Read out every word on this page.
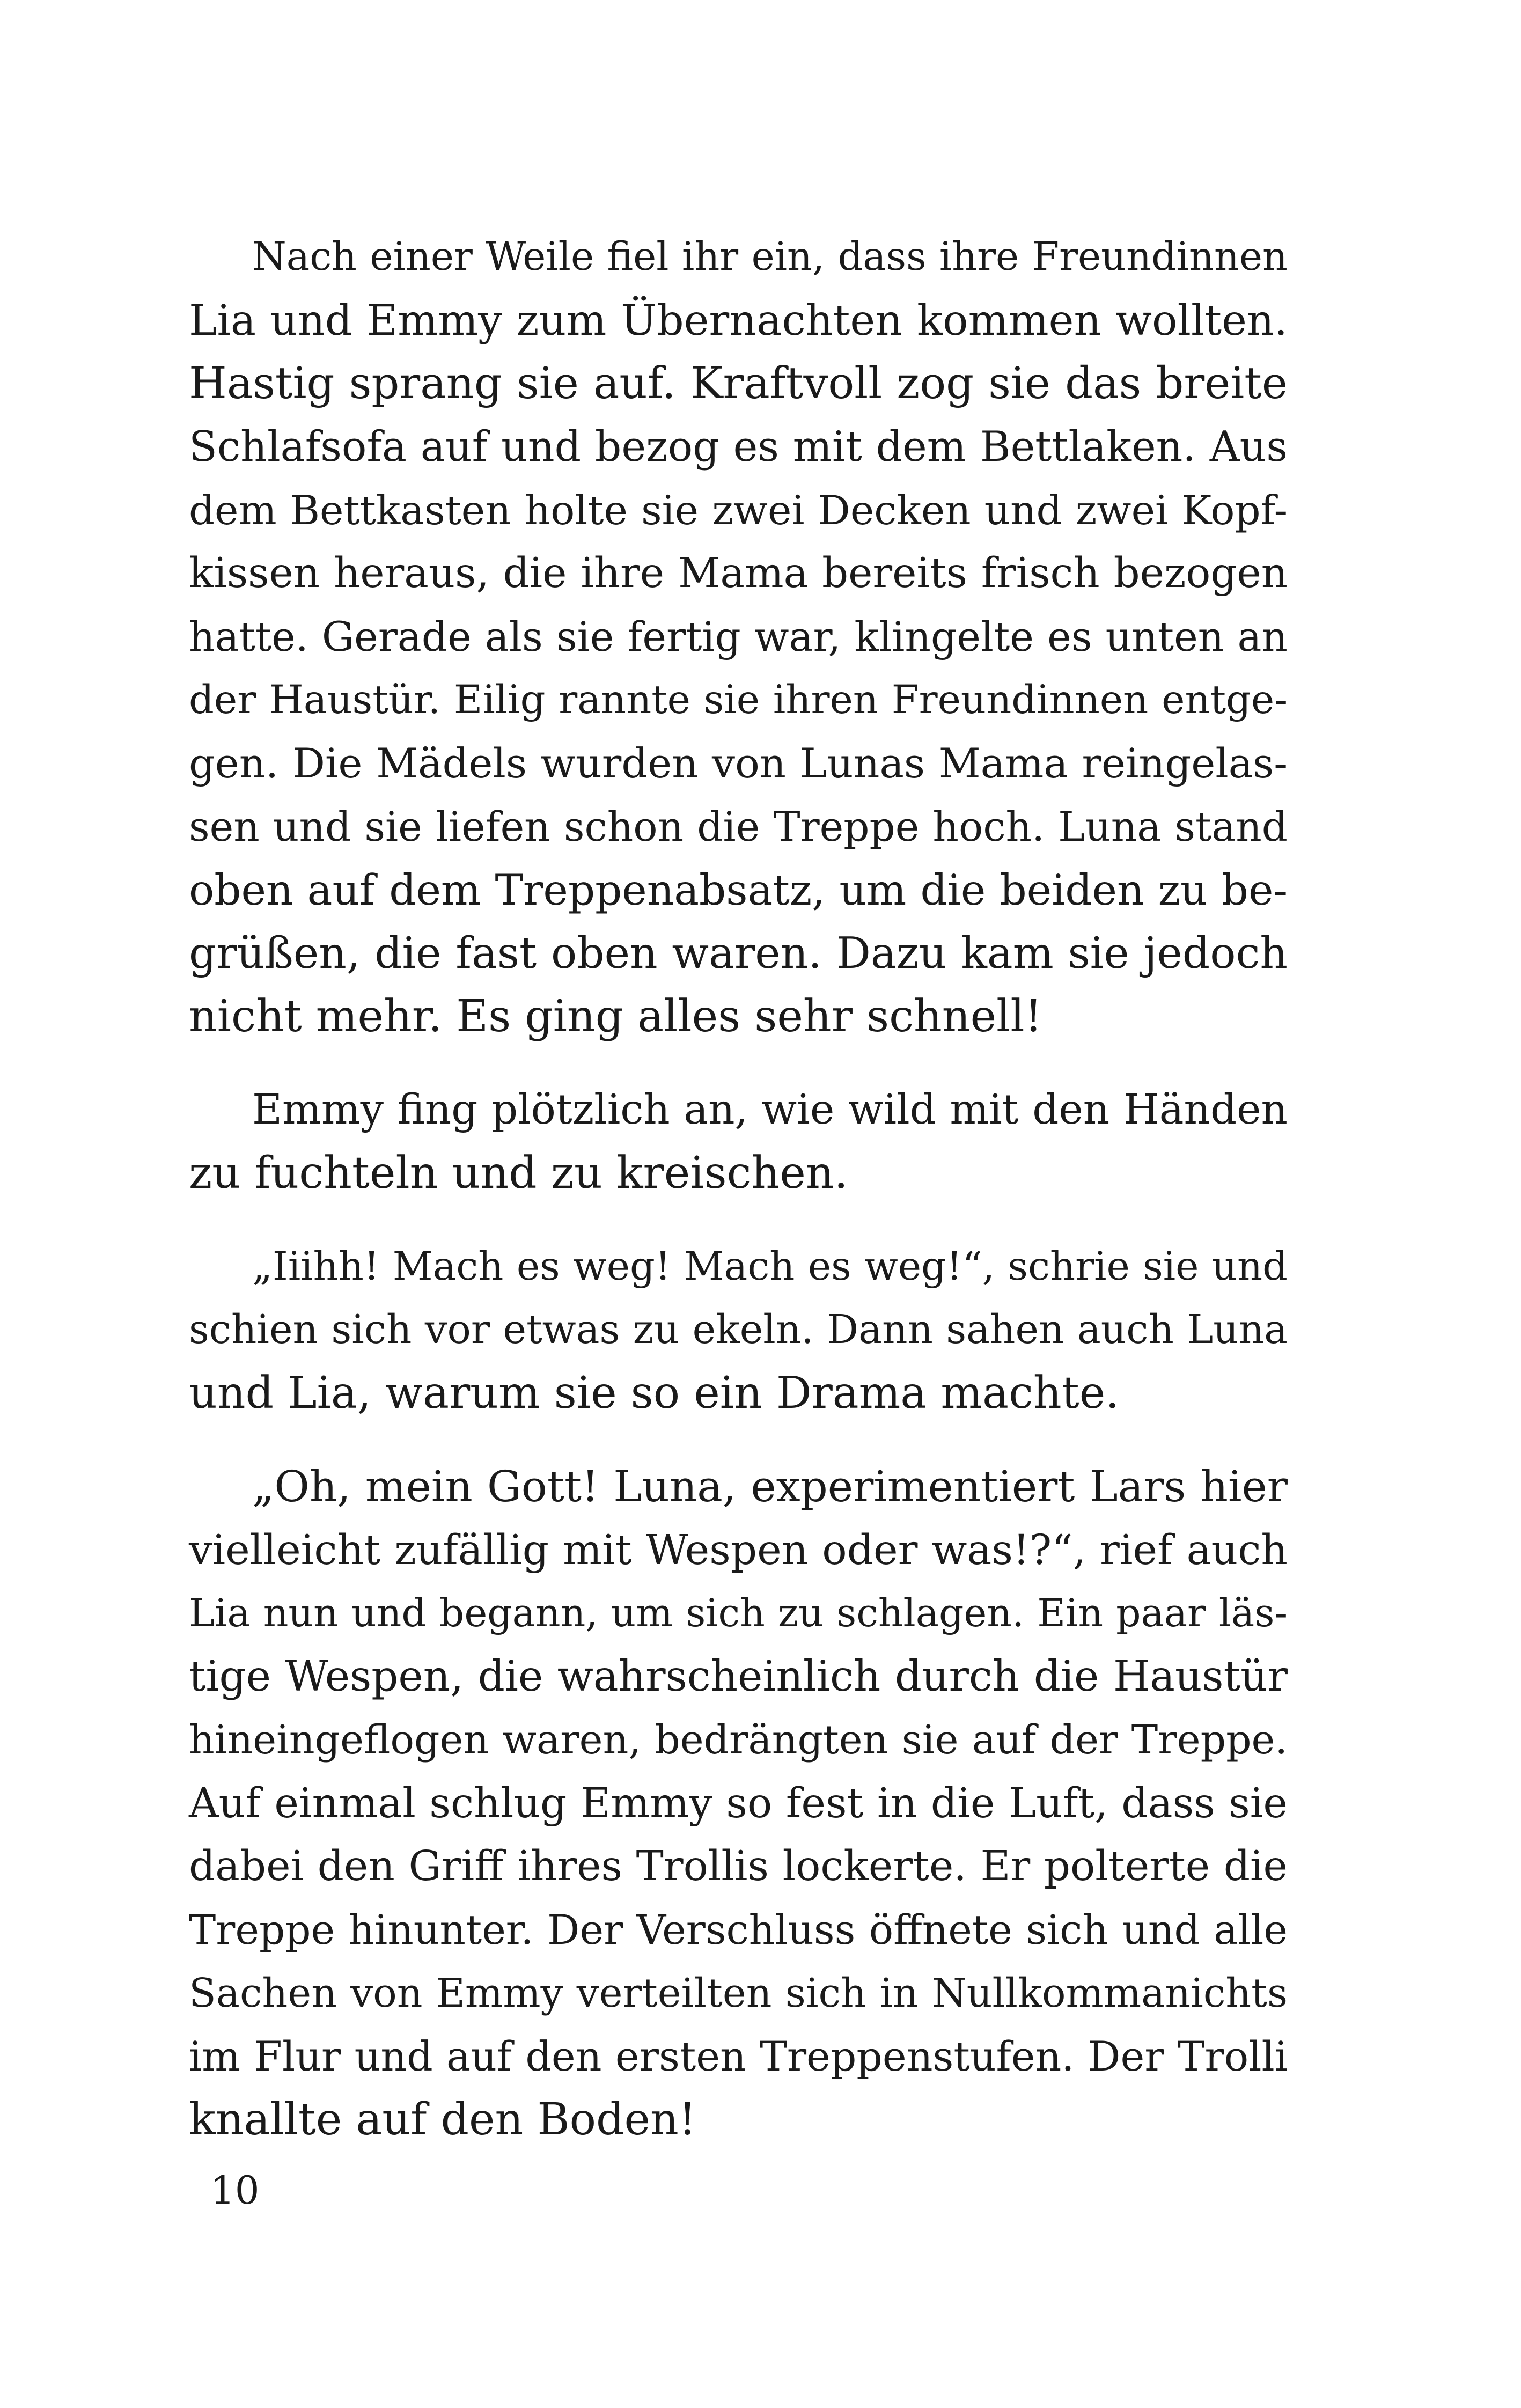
Nach einer Weile fiel ihr ein, dass ihre Freundinnen
Lia und Emmy zum Übernachten kommen wollten.
Hastig sprang sie auf. Kraftvoll zog sie das breite
Schlafsofa auf und bezog es mit dem Bettlaken. Aus
dem Bettkasten holte sie zwei Decken und zwei Kopf-
kissen heraus, die ihre Mama bereits frisch bezogen
hatte. Gerade als sie fertig war, klingelte es unten an
der Haustür. Eilig rannte sie ihren Freundinnen entge-
gen. Die Mädels wurden von Lunas Mama reingelas-
sen und sie liefen schon die Treppe hoch. Luna stand
oben auf dem Treppenabsatz, um die beiden zu be-
grüßen, die fast oben waren. Dazu kam sie jedoch
nicht mehr. Es ging alles sehr schnell!

Emmy fing plötzlich an, wie wild mit den Händen
zu fuchteln und zu kreischen.

„Iiihh! Mach es weg! Mach es weg!“, schrie sie und
schien sich vor etwas zu ekeln. Dann sahen auch Luna
und Lia, warum sie so ein Drama machte.

„Oh, mein Gott! Luna, experimentiert Lars hier
vielleicht zufällig mit Wespen oder was!?“, rief auch
Lia nun und begann, um sich zu schlagen. Ein paar läs-
tige Wespen, die wahrscheinlich durch die Haustür
hineingeflogen waren, bedrängten sie auf der Treppe.
Auf einmal schlug Emmy so fest in die Luft, dass sie
dabei den Griff ihres Trollis lockerte. Er polterte die
Treppe hinunter. Der Verschluss öffnete sich und alle
Sachen von Emmy verteilten sich in Nullkommanichts
im Flur und auf den ersten Treppenstufen. Der Trolli
knallte auf den Boden!

10
